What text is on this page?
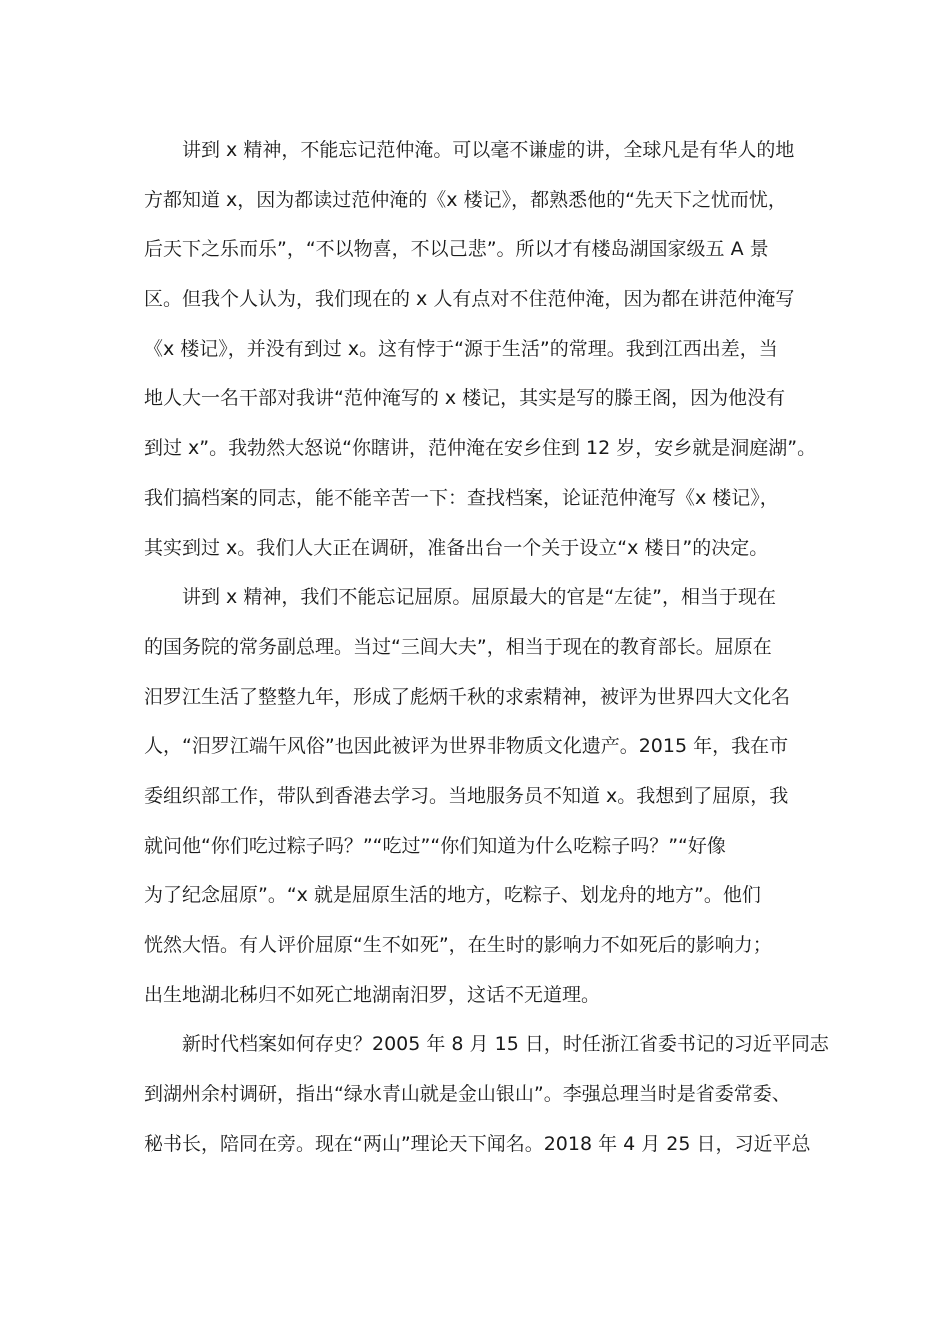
讲到 x 精神，不能忘记范仲淹。可以毫不谦虚的讲，全球凡是有华人的地
方都知道 x，因为都读过范仲淹的《x 楼记》，都熟悉他的“先天下之忧而忧，
后天下之乐而乐”，“不以物喜，不以己悲”。所以才有楼岛湖国家级五 A 景
区。但我个人认为，我们现在的 x 人有点对不住范仲淹，因为都在讲范仲淹写
《x 楼记》，并没有到过 x。这有悖于“源于生活”的常理。我到江西出差，当
地人大一名干部对我讲“范仲淹写的 x 楼记，其实是写的滕王阁，因为他没有
到过 x”。我勃然大怒说“你瞎讲，范仲淹在安乡住到 12 岁，安乡就是洞庭湖”。
我们搞档案的同志，能不能辛苦一下：查找档案，论证范仲淹写《x 楼记》，
其实到过 x。我们人大正在调研，准备出台一个关于设立“x 楼日”的决定。
讲到 x 精神，我们不能忘记屈原。屈原最大的官是“左徒”，相当于现在
的国务院的常务副总理。当过“三闾大夫”，相当于现在的教育部长。屈原在
汨罗江生活了整整九年，形成了彪炳千秋的求索精神，被评为世界四大文化名
人，“汨罗江端午风俗”也因此被评为世界非物质文化遗产。2015 年，我在市
委组织部工作，带队到香港去学习。当地服务员不知道 x。我想到了屈原，我
就问他“你们吃过粽子吗？”“吃过”“你们知道为什么吃粽子吗？”“好像
为了纪念屈原”。“x 就是屈原生活的地方，吃粽子、划龙舟的地方”。他们
恍然大悟。有人评价屈原“生不如死”，在生时的影响力不如死后的影响力；
出生地湖北秭归不如死亡地湖南汨罗，这话不无道理。
新时代档案如何存史？2005 年 8 月 15 日，时任浙江省委书记的习近平同志
到湖州余村调研，指出“绿水青山就是金山银山”。李强总理当时是省委常委、
秘书长，陪同在旁。现在“两山”理论天下闻名。2018 年 4 月 25 日，习近平总
